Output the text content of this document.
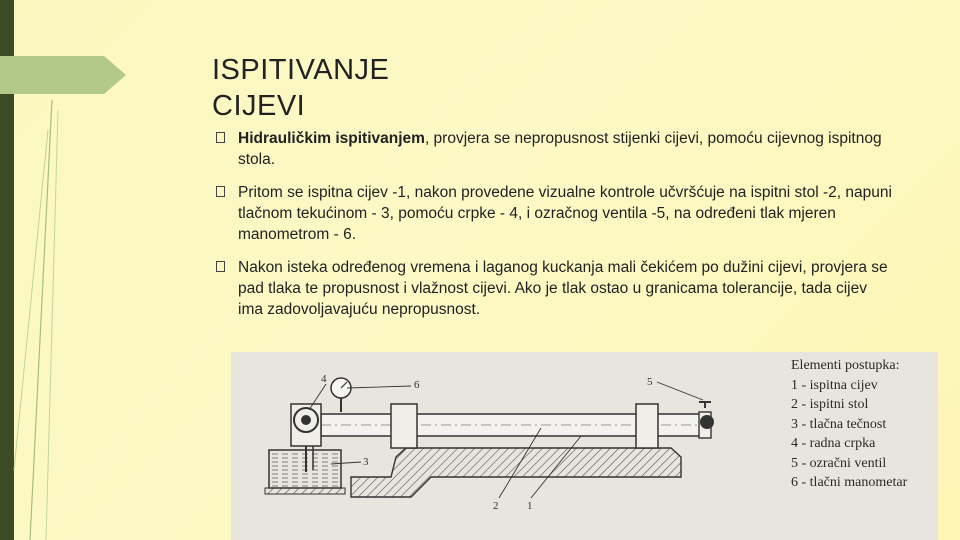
ISPITIVANJE
CIJEVI
Hidrauličkim ispitivanjem, provjera se nepropusnost stijenki cijevi, pomoću cijevnog ispitnog stola.
Pritom se ispitna cijev -1, nakon provedene vizualne kontrole učvršćuje na ispitni stol -2, napuni tlačnom tekućinom - 3, pomoću crpke - 4, i ozračnog ventila -5, na određeni tlak mjeren manometrom - 6.
Nakon isteka određenog vremena i laganog kuckanja mali čekićem po dužini cijevi, provjera se pad tlaka te propusnost i vlažnost cijevi. Ako je tlak ostao u granicama tolerancije, tada cijev ima zadovoljavajuću nepropusnost.
4	6	5
3
2	1
Elementi postupka:
1 - ispitna cijev
2 - ispitni stol
3 - tlačna tečnost
4 - radna crpka
5 - ozračni ventil
6 - tlačni manometar
